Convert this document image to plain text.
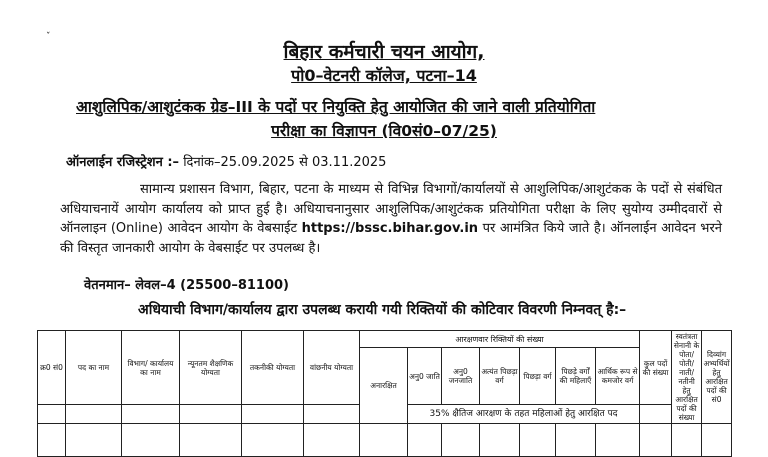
ˇ
बिहार कर्मचारी चयन आयोग,
पो0–वेटनरी कॉलेज, पटना–14
आशुलिपिक/आशुटंकक ग्रेड–III के पदों पर नियुक्ति हेतु आयोजित की जाने वाली प्रतियोगिता
परीक्षा का विज्ञापन (वि0सं0–07/25)
ऑनलाईन रजिस्ट्रेशन :– दिनांक–25.09.2025 से 03.11.2025

सामान्य प्रशासन विभाग, बिहार, पटना के माध्यम से विभिन्न विभागों/कार्यालयों से आशुलिपिक/आशुटंकक के पदों से संबंधित अधियाचनायें आयोग कार्यालय को प्राप्त हुई है। अधियाचनानुसार आशुलिपिक/आशुटंकक प्रतियोगिता परीक्षा के लिए सुयोग्य उम्मीदवारों से ऑनलाइन (Online) आवेदन आयोग के वेबसाईट https://bssc.bihar.gov.in पर आमंत्रित किये जाते है। ऑनलाईन आवेदन भरने की विस्तृत जानकारी आयोग के वेबसाईट पर उपलब्ध है।

वेतनमान– लेवल–4 (25500–81100)
अधियाची विभाग/कार्यालय द्वारा उपलब्ध करायी गयी रिक्तियों की कोटिवार विवरणी निम्नवत् है:–
क्र0 सं0	पद का नाम	विभाग/ कार्यालय का नाम	न्यूनतम शैक्षणिक योग्यता	तकनीकी योग्यता	वांछनीय योग्यता	आरक्षणवार रिक्तियों की संख्या							कुल पदों की संख्या	स्वतंत्रता सेनानी के पोता/पोती/नाती/ नतीनी हेतु आरक्षित पदों की संख्या	दिव्यांग अभ्यर्थियों हेतु आरक्षित पदों की सं0
						अनारक्षित	अनु0 जाति	अनु0 जनजाति	अत्यंत पिछड़ा वर्ग	पिछड़ा वर्ग	पिछड़े वर्गों की महिलाएँ	आर्थिक रूप से कमजोर वर्ग			
							35% क्षैतिज आरक्षण के तहत महिलाओं हेतु आरक्षित पद								
